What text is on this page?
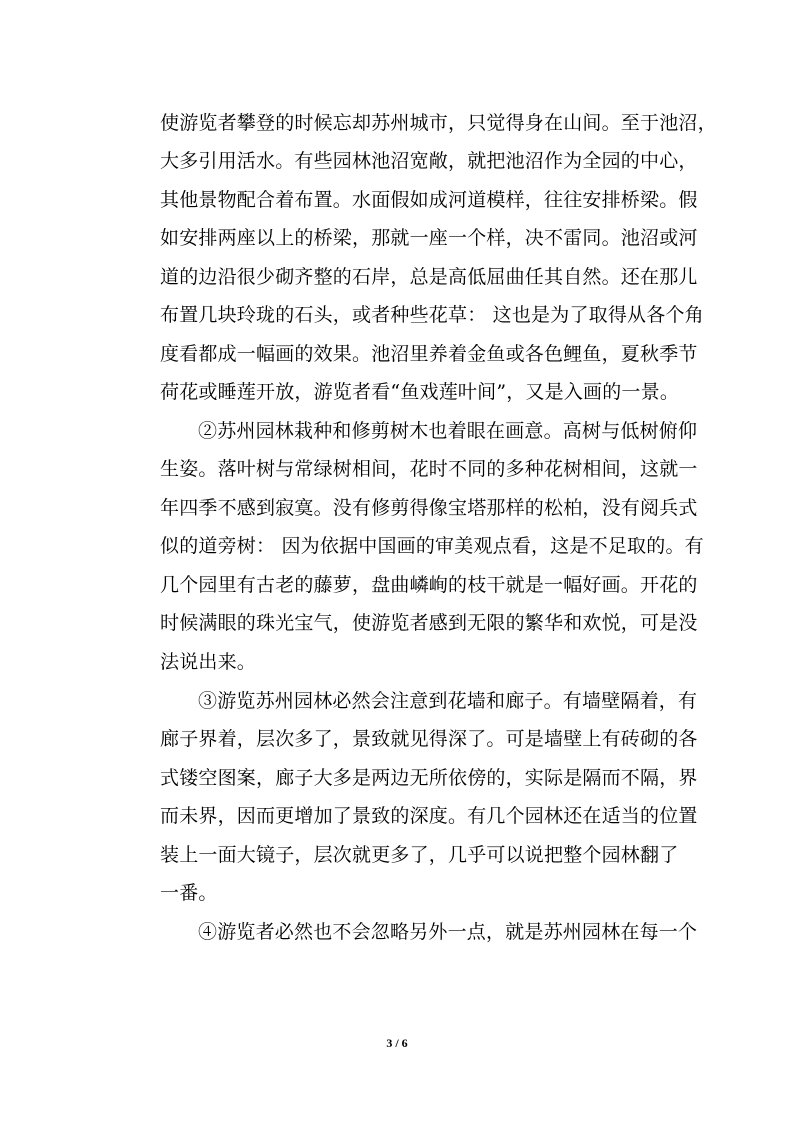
使游览者攀登的时候忘却苏州城市，只觉得身在山间。至于池沼，
大多引用活水。有些园林池沼宽敞，就把池沼作为全园的中心，
其他景物配合着布置。水面假如成河道模样，往往安排桥梁。假
如安排两座以上的桥梁，那就一座一个样，决不雷同。池沼或河
道的边沿很少砌齐整的石岸，总是高低屈曲任其自然。还在那儿
布置几块玲珑的石头，或者种些花草： 这也是为了取得从各个角
度看都成一幅画的效果。池沼里养着金鱼或各色鲤鱼，夏秋季节
荷花或睡莲开放，游览者看“鱼戏莲叶间”，又是入画的一景。
②苏州园林栽种和修剪树木也着眼在画意。高树与低树俯仰
生姿。落叶树与常绿树相间，花时不同的多种花树相间，这就一
年四季不感到寂寞。没有修剪得像宝塔那样的松柏，没有阅兵式
似的道旁树： 因为依据中国画的审美观点看，这是不足取的。有
几个园里有古老的藤萝，盘曲嶙峋的枝干就是一幅好画。开花的
时候满眼的珠光宝气，使游览者感到无限的繁华和欢悦，可是没
法说出来。
③游览苏州园林必然会注意到花墙和廊子。有墙壁隔着，有
廊子界着，层次多了，景致就见得深了。可是墙壁上有砖砌的各
式镂空图案，廊子大多是两边无所依傍的，实际是隔而不隔，界
而未界，因而更增加了景致的深度。有几个园林还在适当的位置
装上一面大镜子，层次就更多了，几乎可以说把整个园林翻了
一番。
④游览者必然也不会忽略另外一点，就是苏州园林在每一个
3 / 6
